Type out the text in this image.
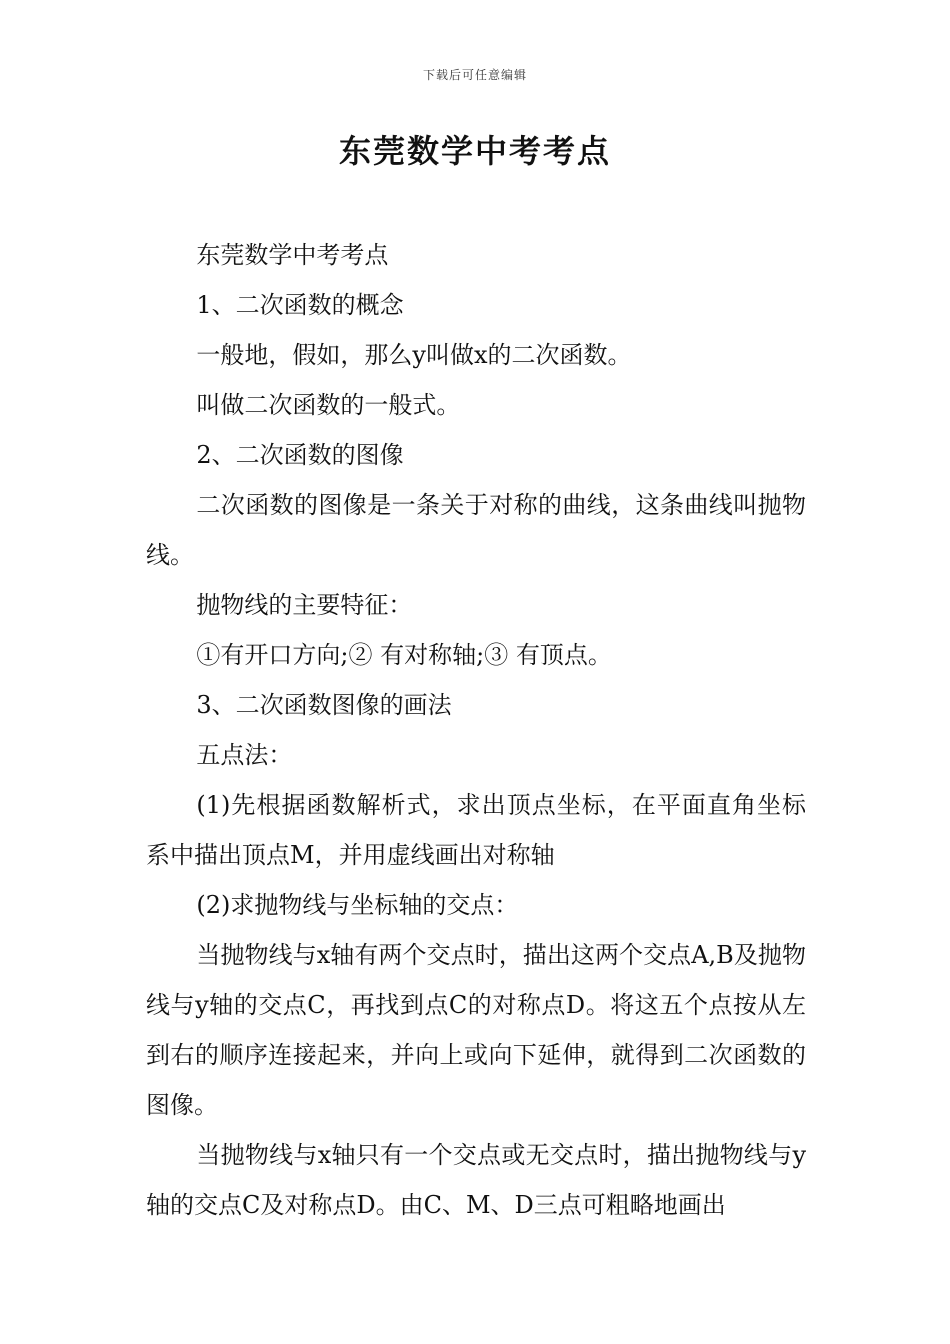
下载后可任意编辑
东莞数学中考考点

东莞数学中考考点

1、二次函数的概念

一般地，假如，那么y叫做x的二次函数。

叫做二次函数的一般式。

2、二次函数的图像

二次函数的图像是一条关于对称的曲线，这条曲线叫抛物线。

抛物线的主要特征：

①有开口方向;② 有对称轴;③ 有顶点。

3、二次函数图像的画法

五点法：

(1)先根据函数解析式，求出顶点坐标，在平面直角坐标系中描出顶点M，并用虚线画出对称轴

(2)求抛物线与坐标轴的交点：

当抛物线与x轴有两个交点时，描出这两个交点A,B及抛物线与y轴的交点C，再找到点C的对称点D。将这五个点按从左到右的顺序连接起来，并向上或向下延伸，就得到二次函数的图像。

当抛物线与x轴只有一个交点或无交点时，描出抛物线与y轴的交点C及对称点D。由C、M、D三点可粗略地画出
